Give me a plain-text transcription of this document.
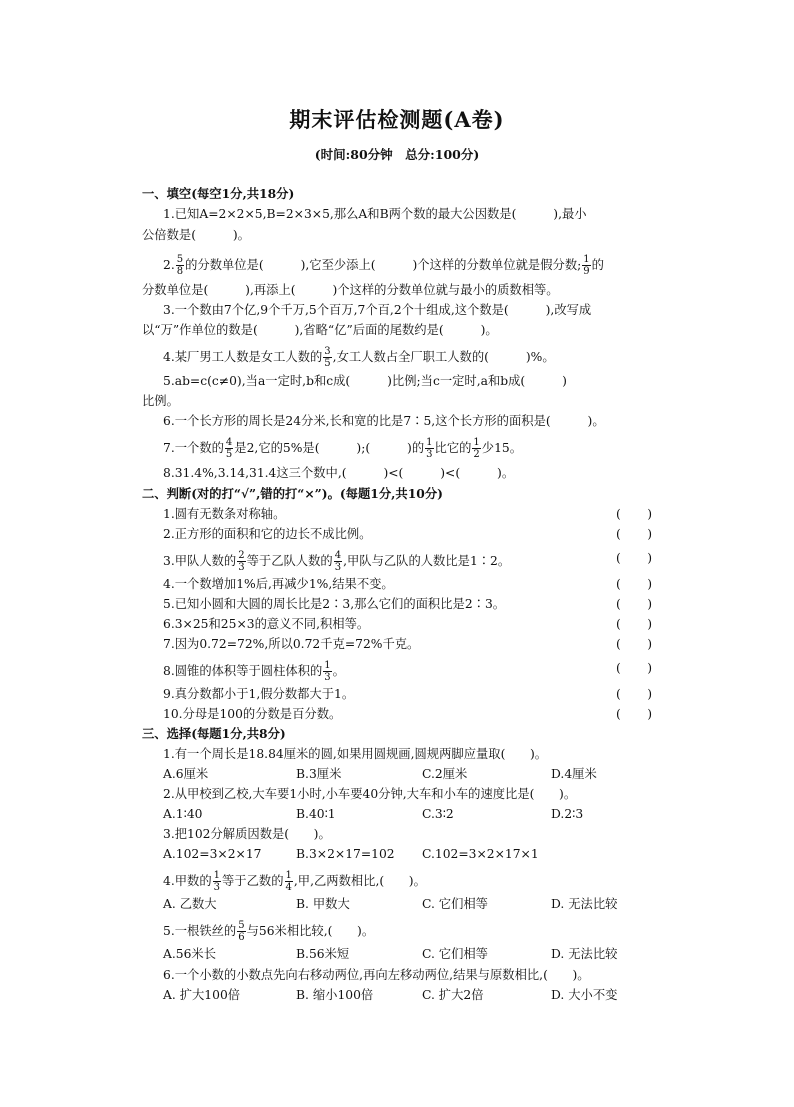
期末评估检测题(A卷)
(时间:80分钟　总分:100分)
一、填空(每空1分,共18分)
1.已知A=2×2×5,B=2×3×5,那么A和B两个数的最大公因数是(　　　),最小
公倍数是(　　　)。
2. $\frac{5}{8}$ 的分数单位是(　　　),它至少添上(　　　)个这样的分数单位就是假分数; $\frac{1}{9}$ 的
分数单位是(　　　),再添上(　　　)个这样的分数单位就与最小的质数相等。
3.一个数由7个亿,9个千万,5个百万,7个百,2个十组成,这个数是(　　　),改写成
以“万”作单位的数是(　　　),省略“亿”后面的尾数约是(　　　)。
4.某厂男工人数是女工人数的 $\frac{3}{5}$ ,女工人数占全厂职工人数的(　　　)%。
5.ab=c(c≠0),当a一定时,b和c成(　　　)比例;当c一定时,a和b成(　　　)
比例。
6.一个长方形的周长是24分米,长和宽的比是7∶5,这个长方形的面积是(　　　)。
7.一个数的 $\frac{4}{5}$ 是2,它的5%是(　　　);(　　　)的 $\frac{1}{3}$ 比它的 $\frac{1}{2}$ 少15。
8.31.4%,3.14,31.4这三个数中,(　　　)<(　　　)<(　　　)。
二、判断(对的打“√”,错的打“×”)。(每题1分,共10分)
1.圆有无数条对称轴。	( )
2.正方形的面积和它的边长不成比例。	( )
3.甲队人数的 $\frac{2}{3}$ 等于乙队人数的 $\frac{4}{3}$ ,甲队与乙队的人数比是1∶2。	( )
4.一个数增加1%后,再减少1%,结果不变。	( )
5.已知小圆和大圆的周长比是2∶3,那么它们的面积比是2∶3。	( )
6.3×25和25×3的意义不同,积相等。	( )
7.因为0.72=72%,所以0.72千克=72%千克。	( )
8.圆锥的体积等于圆柱体积的 $\frac{1}{3}$ 。	( )
9.真分数都小于1,假分数都大于1。	( )
10.分母是100的分数是百分数。	( )
三、选择(每题1分,共8分)
1.有一个周长是18.84厘米的圆,如果用圆规画,圆规两脚应量取(　　)。
A.6厘米	B.3厘米	C.2厘米	D.4厘米
2.从甲校到乙校,大车要1小时,小车要40分钟,大车和小车的速度比是(　　)。
A.1∶40	B.40∶1	C.3∶2	D.2∶3
3.把102分解质因数是(　　)。
A.102=3×2×17	B.3×2×17=102 C.102=3×2×17×1
4.甲数的 $\frac{1}{3}$ 等于乙数的 $\frac{1}{4}$ ,甲,乙两数相比,(　　)。
A. 乙数大	B. 甲数大	C. 它们相等	D. 无法比较
5.一根铁丝的 $\frac{5}{6}$ 与56米相比较,(　　)。
A.56米长	B.56米短	C. 它们相等	D. 无法比较
6.一个小数的小数点先向右移动两位,再向左移动两位,结果与原数相比,(　　)。
A. 扩大100倍	B. 缩小100倍	C. 扩大2倍	D. 大小不变
